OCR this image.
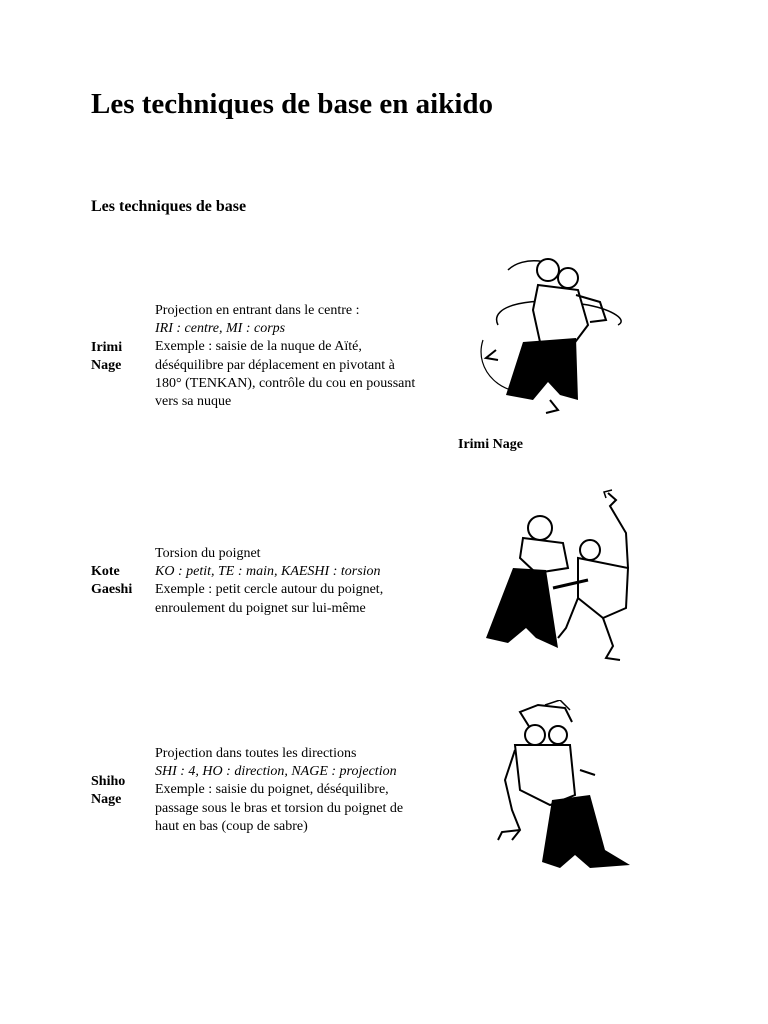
Les techniques de base en aikido
Les techniques de base
Irimi
Nage
Projection en entrant dans le centre :
IRI : centre, MI : corps
Exemple : saisie de la nuque de Aïté,
déséquilibre par déplacement en pivotant à
180° (TENKAN), contrôle du cou en poussant
vers sa nuque
Irimi Nage
Kote
Gaeshi
Torsion du poignet
KO : petit, TE : main, KAESHI : torsion
Exemple : petit cercle autour du poignet,
enroulement du poignet sur lui-même
Shiho
Nage
Projection dans toutes les directions
SHI : 4, HO : direction, NAGE : projection
Exemple : saisie du poignet, déséquilibre,
passage sous le bras et torsion du poignet de
haut en bas (coup de sabre)
